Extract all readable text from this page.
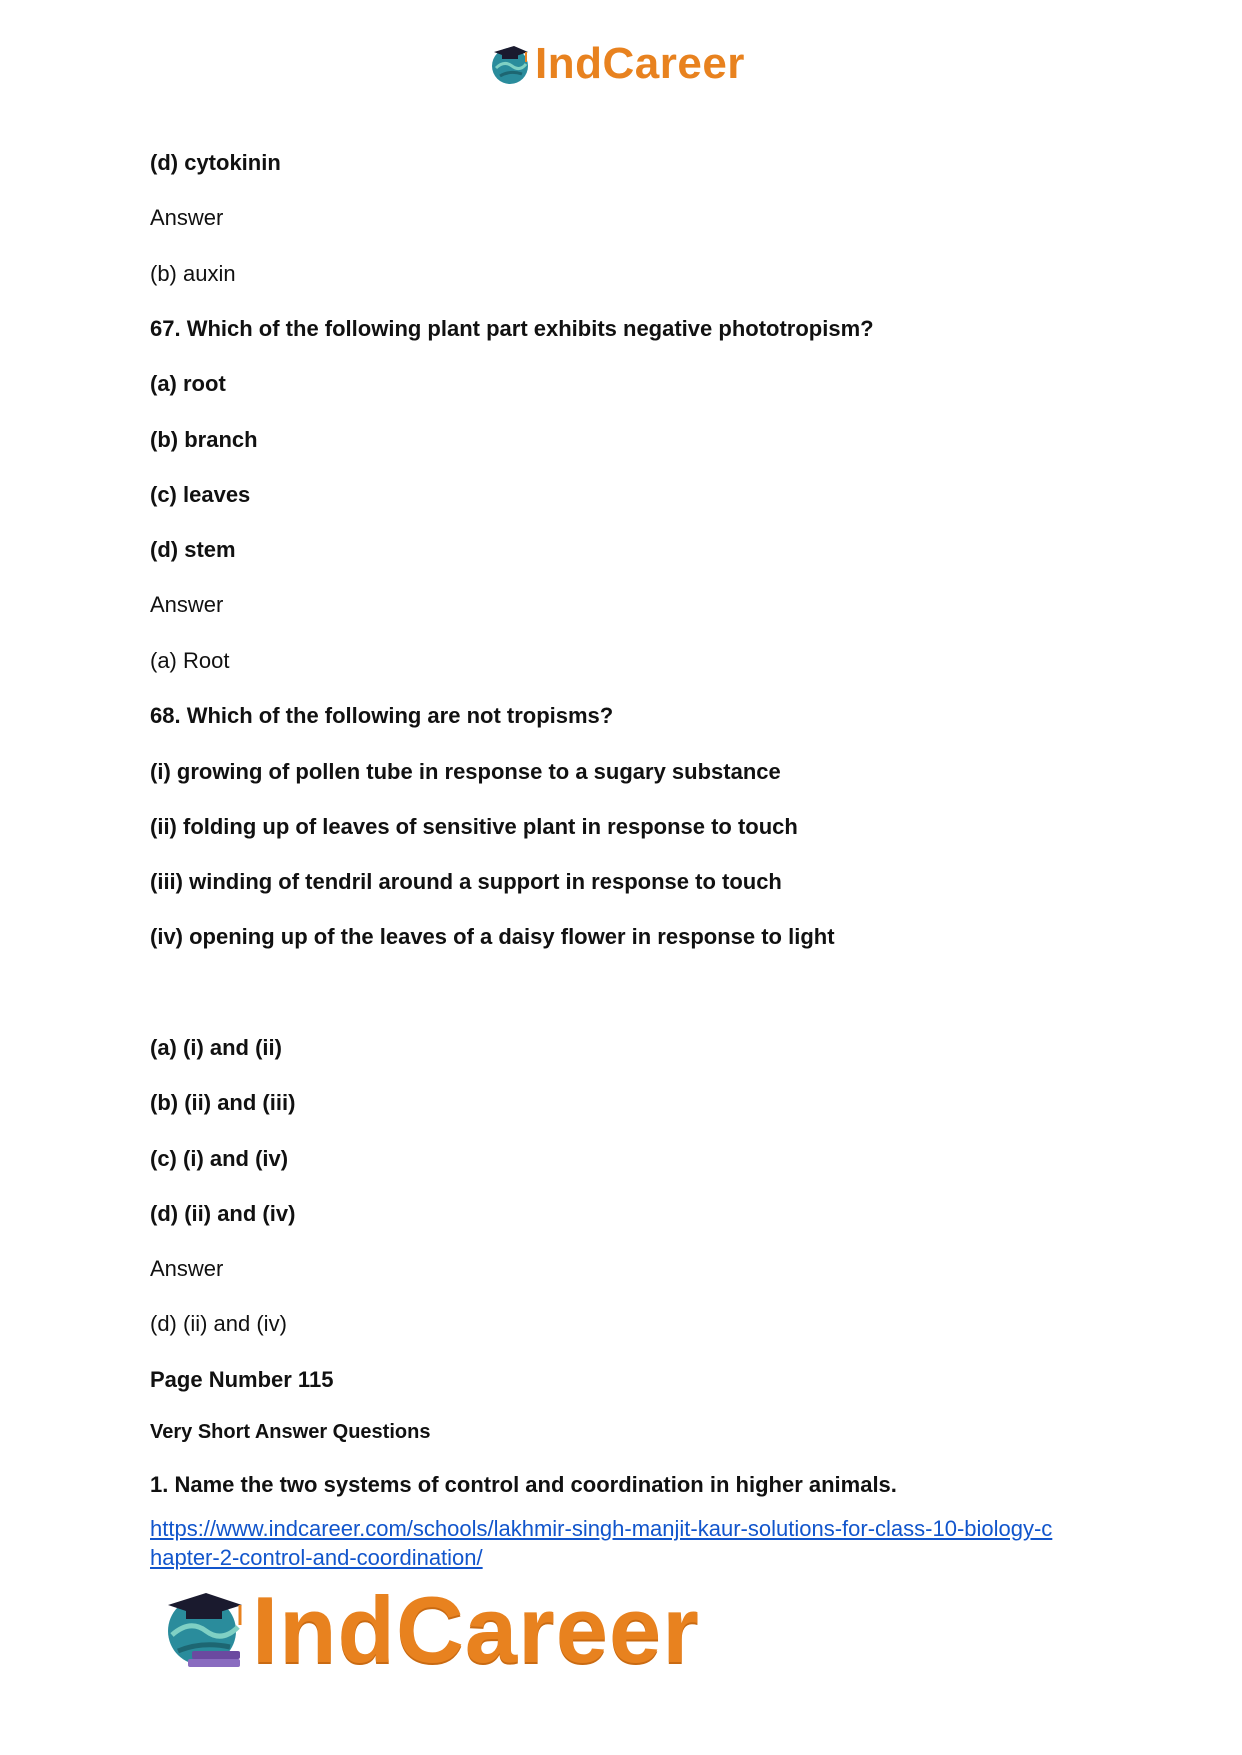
IndCareer
(d) cytokinin
Answer
(b) auxin
67. Which of the following plant part exhibits negative phototropism?
(a) root
(b) branch
(c) leaves
(d) stem
Answer
(a) Root
68. Which of the following are not tropisms?
(i) growing of pollen tube in response to a sugary substance
(ii) folding up of leaves of sensitive plant in response to touch
(iii) winding of tendril around a support in response to touch
(iv) opening up of the leaves of a daisy flower in response to light
(a) (i) and (ii)
(b) (ii) and (iii)
(c) (i) and (iv)
(d) (ii) and (iv)
Answer
(d) (ii) and (iv)
Page Number 115
Very Short Answer Questions
1. Name the two systems of control and coordination in higher animals.
https://www.indcareer.com/schools/lakhmir-singh-manjit-kaur-solutions-for-class-10-biology-c
hapter-2-control-and-coordination/
IndCareer
